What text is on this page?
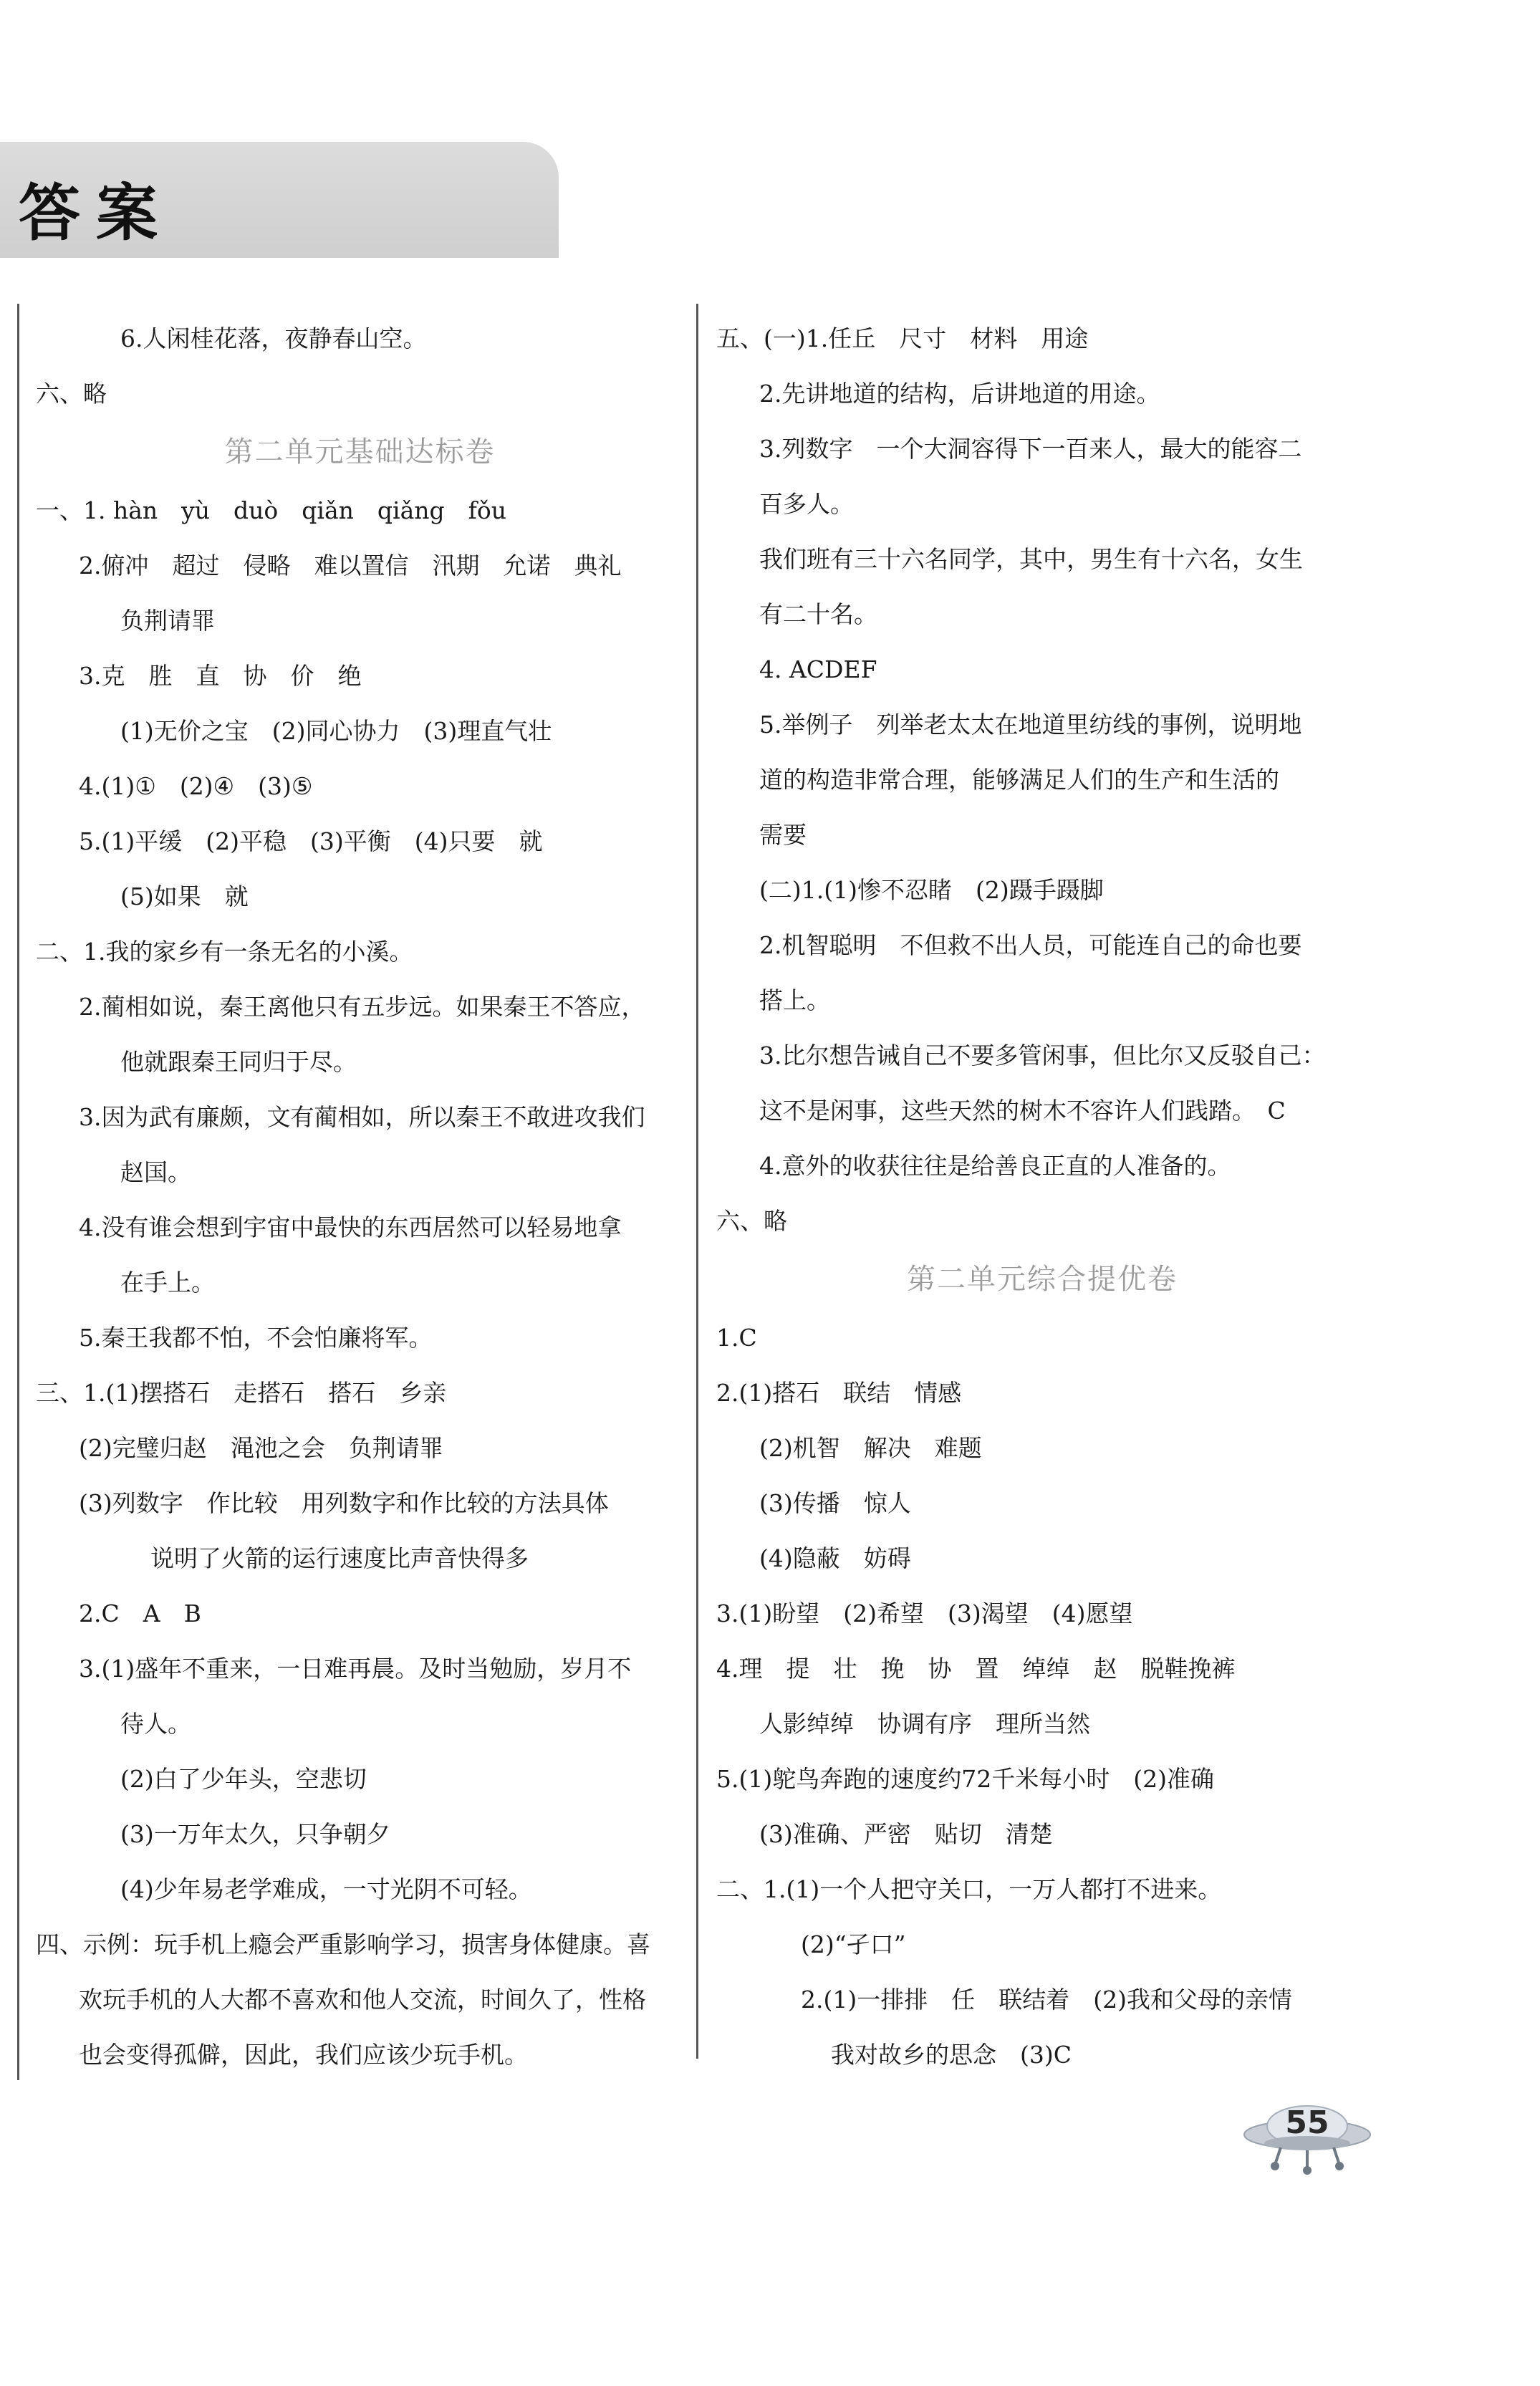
答案
6.人闲桂花落，夜静春山空。
六、略
第二单元基础达标卷
一、1. hàn　yù　duò　qiǎn　qiǎng　fǒu
2.俯冲　超过　侵略　难以置信　汛期　允诺　典礼
负荆请罪
3.克　胜　直　协　价　绝
(1)无价之宝　(2)同心协力　(3)理直气壮
4.(1)①　(2)④　(3)⑤
5.(1)平缓　(2)平稳　(3)平衡　(4)只要　就
(5)如果　就
二、1.我的家乡有一条无名的小溪。
2.蔺相如说，秦王离他只有五步远。如果秦王不答应，
他就跟秦王同归于尽。
3.因为武有廉颇，文有蔺相如，所以秦王不敢进攻我们
赵国。
4.没有谁会想到宇宙中最快的东西居然可以轻易地拿
在手上。
5.秦王我都不怕，不会怕廉将军。
三、1.(1)摆搭石　走搭石　搭石　乡亲
(2)完璧归赵　渑池之会　负荆请罪
(3)列数字　作比较　用列数字和作比较的方法具体
说明了火箭的运行速度比声音快得多
2.C　A　B
3.(1)盛年不重来，一日难再晨。及时当勉励，岁月不
待人。
(2)白了少年头，空悲切
(3)一万年太久，只争朝夕
(4)少年易老学难成，一寸光阴不可轻。
四、示例：玩手机上瘾会严重影响学习，损害身体健康。喜
欢玩手机的人大都不喜欢和他人交流，时间久了，性格
也会变得孤僻，因此，我们应该少玩手机。
五、(一)1.任丘　尺寸　材料　用途
2.先讲地道的结构，后讲地道的用途。
3.列数字　一个大洞容得下一百来人，最大的能容二
百多人。
我们班有三十六名同学，其中，男生有十六名，女生
有二十名。
4. ACDEF
5.举例子　列举老太太在地道里纺线的事例，说明地
道的构造非常合理，能够满足人们的生产和生活的
需要
(二)1.(1)惨不忍睹　(2)蹑手蹑脚
2.机智聪明　不但救不出人员，可能连自己的命也要
搭上。
3.比尔想告诫自己不要多管闲事，但比尔又反驳自己：
这不是闲事，这些天然的树木不容许人们践踏。　C
4.意外的收获往往是给善良正直的人准备的。
六、略
第二单元综合提优卷
1.C
2.(1)搭石　联结　情感
(2)机智　解决　难题
(3)传播　惊人
(4)隐蔽　妨碍
3.(1)盼望　(2)希望　(3)渴望　(4)愿望
4.理　提　壮　挽　协　置　绰绰　赵　脱鞋挽裤
人影绰绰　协调有序　理所当然
5.(1)鸵鸟奔跑的速度约72千米每小时　(2)准确
(3)准确、严密　贴切　清楚
二、1.(1)一个人把守关口，一万人都打不进来。
(2)“孑口”
2.(1)一排排　任　联结着　(2)我和父母的亲情
我对故乡的思念　(3)C
55
